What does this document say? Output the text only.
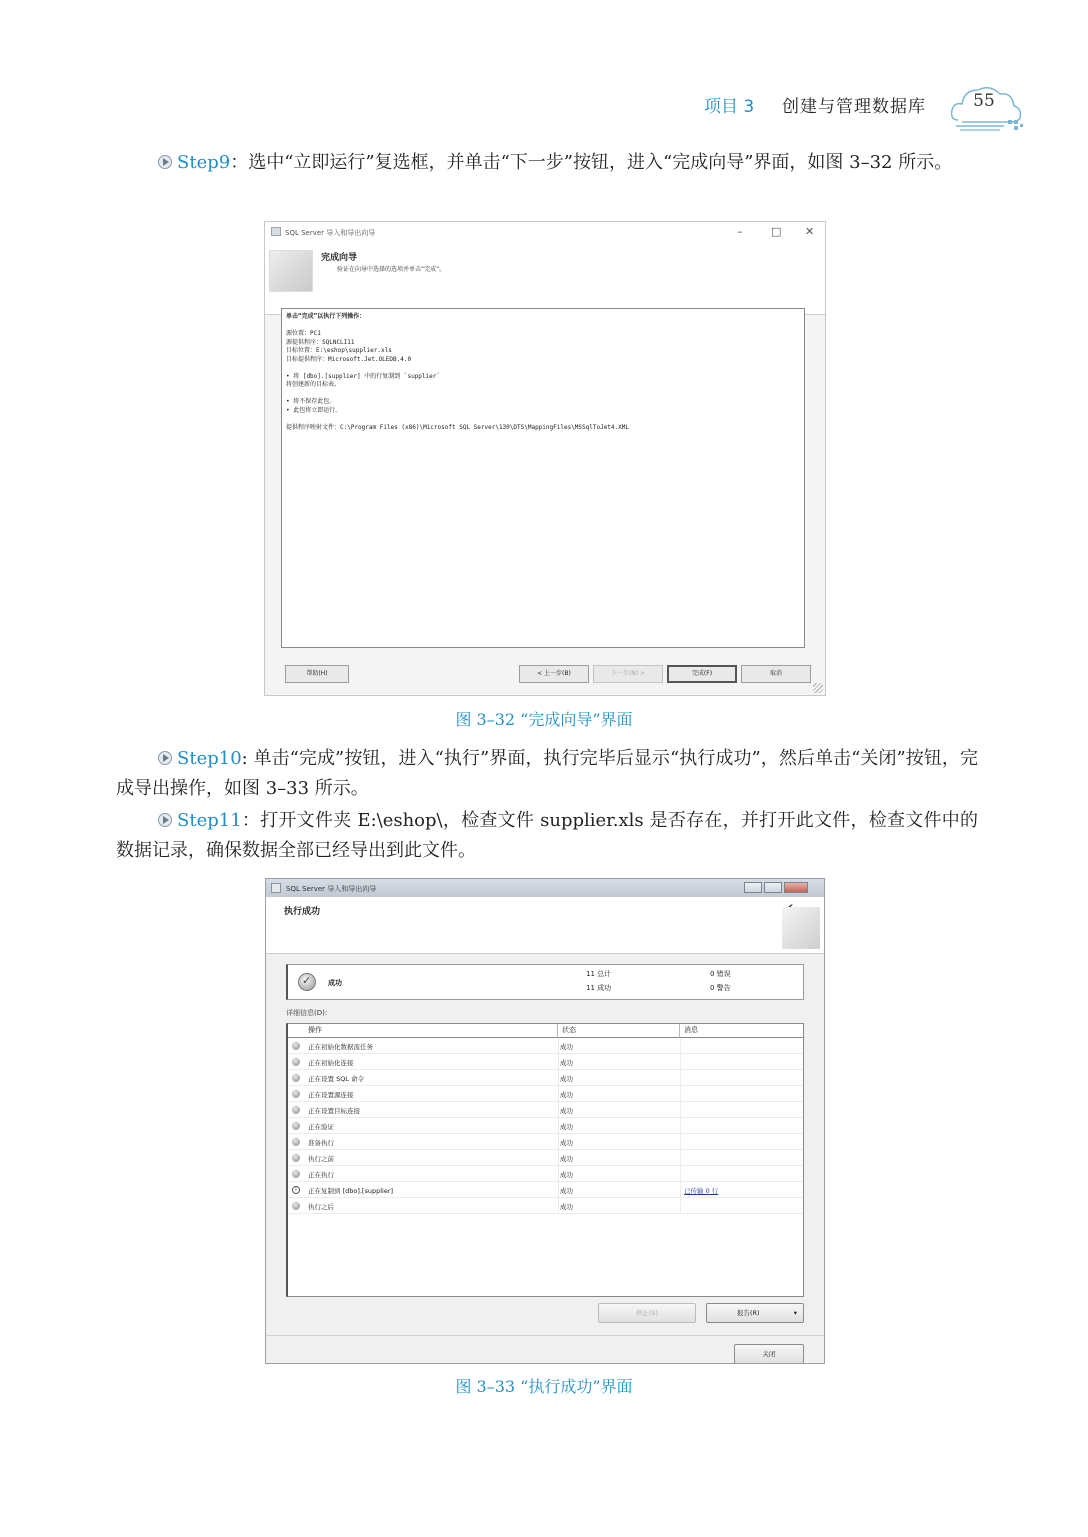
项目 3 创建与管理数据库	55
Step9：选中“立即运行”复选框，并单击“下一步”按钮，进入“完成向导”界面，如图 3–32 所示。
SQL Server 导入和导出向导	–	□ ✕
完成向导
验证在向导中选择的选项并单击“完成”。
单击“完成”以执行下列操作：
源位置：PC1
源提供程序：SQLNCLI11
目标位置：E:\eshop\supplier.xls
目标提供程序：Microsoft.Jet.OLEDB.4.0
• 将 [dbo].[supplier] 中的行复制到 `supplier`
将创建新的目标表。
• 将不保存此包。
• 此包将立即运行。
提供程序映射文件：C:\Program Files (x86)\Microsoft SQL Server\130\DTS\MappingFiles\MSSqlToJet4.XML
帮助(H)	< 上一步(B)	下一步(N) >	完成(F)	取消
图 3–32 “完成向导”界面
Step10: 单击“完成”按钮，进入“执行”界面，执行完毕后显示“执行成功”，然后单击“关闭”按钮，完成导出操作，如图 3–33 所示。
Step11：打开文件夹 E:\eshop\，检查文件 supplier.xls 是否存在，并打开此文件，检查文件中的数据记录，确保数据全部已经导出到此文件。
SQL Server 导入和导出向导
执行成功
✓
成功
11 总计
11 成功
0 错误
0 警告
详细信息(D):
操作	状态	消息
正在初始化数据流任务	成功
正在初始化连接	成功
正在设置 SQL 命令	成功
正在设置源连接	成功
正在设置目标连接	成功
正在验证	成功
准备执行	成功
执行之前	成功
正在执行	成功
i	正在复制到 [dbo].[supplier]	成功	已传输 0 行
执行之后	成功
停止(S)	报告(R)	▾
关闭
图 3–33 “执行成功”界面
